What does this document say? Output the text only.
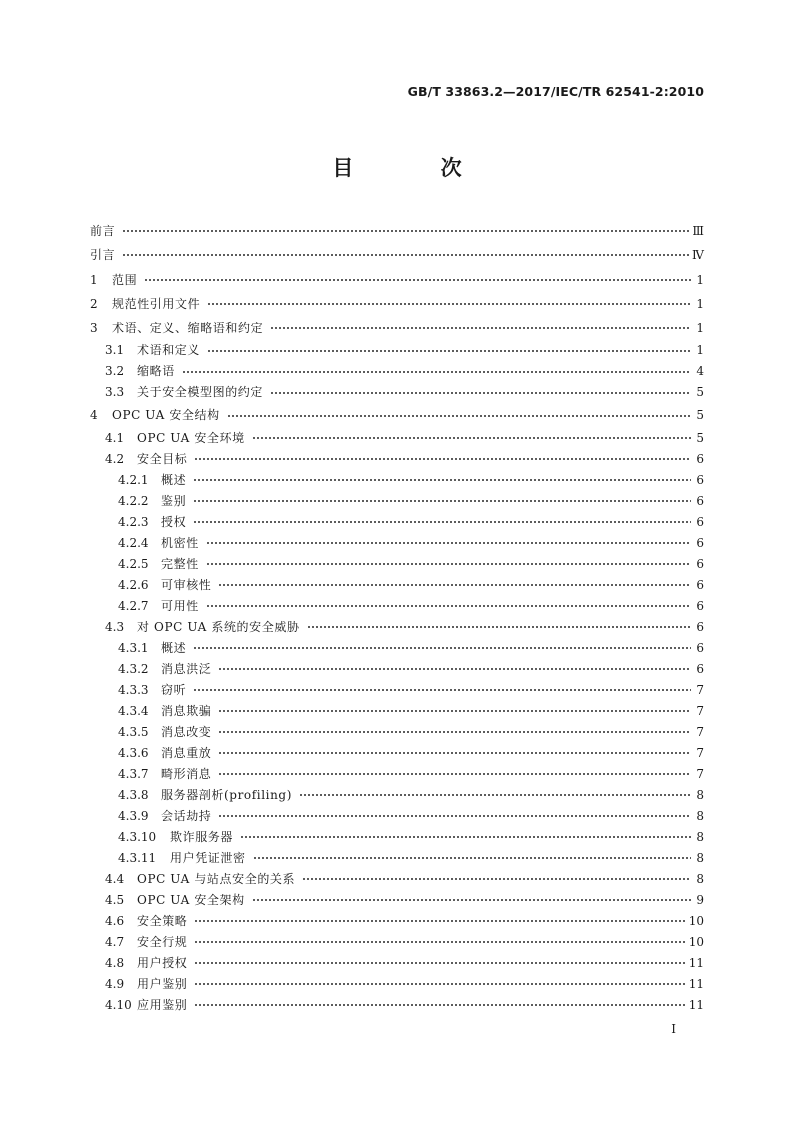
GB/T 33863.2—2017/IEC/TR 62541-2:2010
目 次
前言	Ⅲ
引言	Ⅳ
1	范围	1
2	规范性引用文件	1
3	术语、定义、缩略语和约定	1
3.1	术语和定义	1
3.2	缩略语	4
3.3	关于安全模型图的约定	5
4	OPC UA 安全结构	5
4.1	OPC UA 安全环境	5
4.2	安全目标	6
4.2.1	概述	6
4.2.2	鉴别	6
4.2.3	授权	6
4.2.4	机密性	6
4.2.5	完整性	6
4.2.6	可审核性	6
4.2.7	可用性	6
4.3	对 OPC UA 系统的安全威胁	6
4.3.1	概述	6
4.3.2	消息洪泛	6
4.3.3	窃听	7
4.3.4	消息欺骗	7
4.3.5	消息改变	7
4.3.6	消息重放	7
4.3.7	畸形消息	7
4.3.8	服务器剖析(profiling)	8
4.3.9	会话劫持	8
4.3.10	欺诈服务器	8
4.3.11	用户凭证泄密	8
4.4	OPC UA 与站点安全的关系	8
4.5	OPC UA 安全架构	9
4.6	安全策略	10
4.7	安全行规	10
4.8	用户授权	11
4.9	用户鉴别	11
4.10 应用鉴别	11
Ⅰ
